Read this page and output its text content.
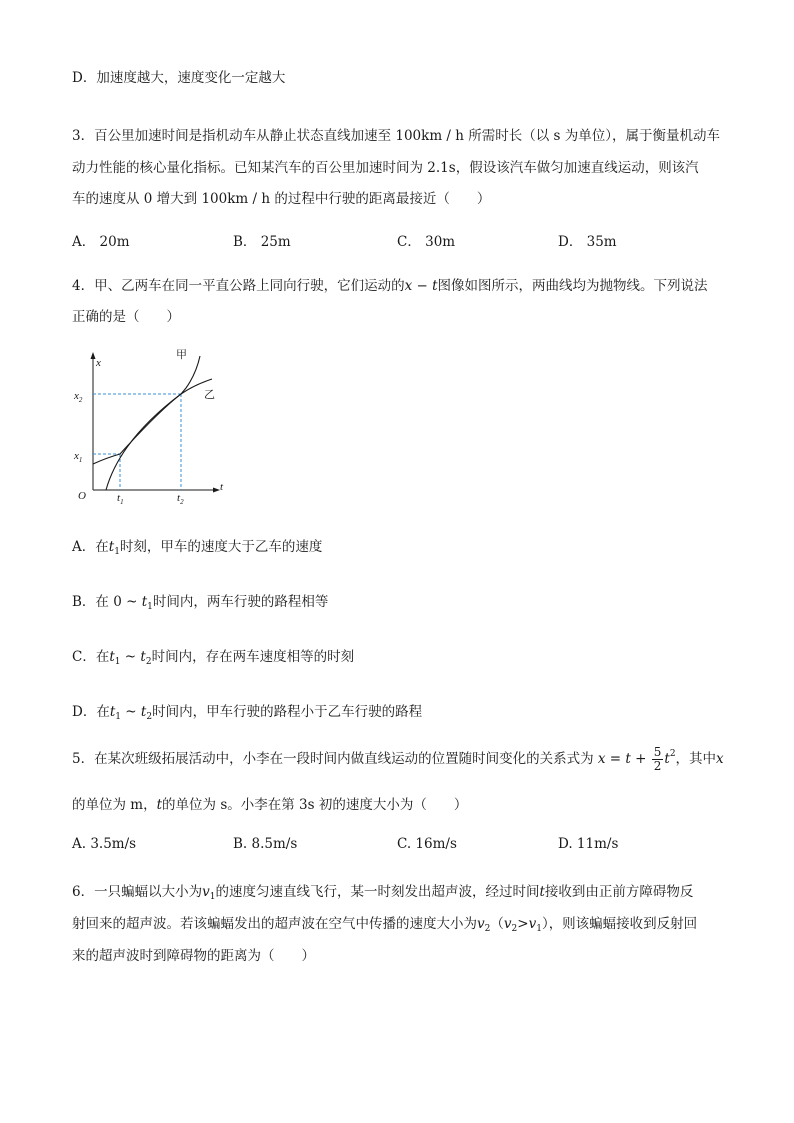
D．加速度越大，速度变化一定越大
3．百公里加速时间是指机动车从静止状态直线加速至 100km / h 所需时长（以 s 为单位），属于衡量机动车
动力性能的核心量化指标。已知某汽车的百公里加速时间为 2.1s，假设该汽车做匀加速直线运动，则该汽
车的速度从 0 增大到 100km / h 的过程中行驶的距离最接近（　　）
A． 20m	B． 25m	C． 30m	D． 35m
4．甲、乙两车在同一平直公路上同向行驶，它们运动的x − t图像如图所示，两曲线均为抛物线。下列说法
正确的是（　　）
x
t
O
$x_1$
$x_2$
$t_1$	$t_2$
甲
乙
A．在$t_1$时刻，甲车的速度大于乙车的速度
B．在 0 ~ $t_1$时间内，两车行驶的路程相等
C．在$t_1$ ~ $t_2$时间内，存在两车速度相等的时刻
D．在$t_1$ ~ $t_2$时间内，甲车行驶的路程小于乙车行驶的路程
5．在某次班级拓展活动中，小李在一段时间内做直线运动的位置随时间变化的关系式为 $x = t + \frac{5}{2} t^2$，其中x
的单位为 m，t的单位为 s。小李在第 3s 初的速度大小为（　　）
A. 3.5m/s	B. 8.5m/s	C. 16m/s	D. 11m/s
6．一只蝙蝠以大小为$v_1$的速度匀速直线飞行，某一时刻发出超声波，经过时间t接收到由正前方障碍物反
射回来的超声波。若该蝙蝠发出的超声波在空气中传播的速度大小为$v_2(v_2>v_1)$，则该蝙蝠接收到反射回
来的超声波时到障碍物的距离为（　　）
